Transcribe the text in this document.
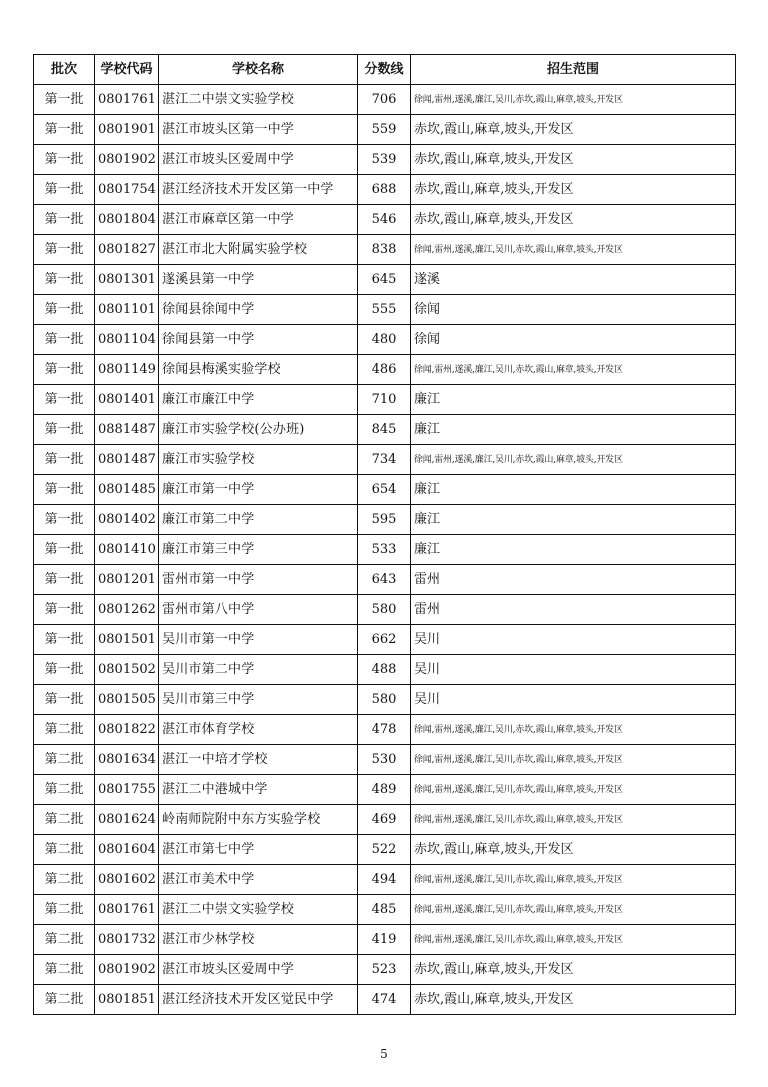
批次	学校代码	学校名称	分数线	招生范围
第一批	0801761	湛江二中崇文实验学校	706	徐闻,雷州,遂溪,廉江,吴川,赤坎,霞山,麻章,坡头,开发区
第一批	0801901	湛江市坡头区第一中学	559	赤坎,霞山,麻章,坡头,开发区
第一批	0801902	湛江市坡头区爱周中学	539	赤坎,霞山,麻章,坡头,开发区
第一批	0801754	湛江经济技术开发区第一中学	688	赤坎,霞山,麻章,坡头,开发区
第一批	0801804	湛江市麻章区第一中学	546	赤坎,霞山,麻章,坡头,开发区
第一批	0801827	湛江市北大附属实验学校	838	徐闻,雷州,遂溪,廉江,吴川,赤坎,霞山,麻章,坡头,开发区
第一批	0801301	遂溪县第一中学	645	遂溪
第一批	0801101	徐闻县徐闻中学	555	徐闻
第一批	0801104	徐闻县第一中学	480	徐闻
第一批	0801149	徐闻县梅溪实验学校	486	徐闻,雷州,遂溪,廉江,吴川,赤坎,霞山,麻章,坡头,开发区
第一批	0801401	廉江市廉江中学	710	廉江
第一批	0881487	廉江市实验学校(公办班)	845	廉江
第一批	0801487	廉江市实验学校	734	徐闻,雷州,遂溪,廉江,吴川,赤坎,霞山,麻章,坡头,开发区
第一批	0801485	廉江市第一中学	654	廉江
第一批	0801402	廉江市第二中学	595	廉江
第一批	0801410	廉江市第三中学	533	廉江
第一批	0801201	雷州市第一中学	643	雷州
第一批	0801262	雷州市第八中学	580	雷州
第一批	0801501	吴川市第一中学	662	吴川
第一批	0801502	吴川市第二中学	488	吴川
第一批	0801505	吴川市第三中学	580	吴川
第二批	0801822	湛江市体育学校	478	徐闻,雷州,遂溪,廉江,吴川,赤坎,霞山,麻章,坡头,开发区
第二批	0801634	湛江一中培才学校	530	徐闻,雷州,遂溪,廉江,吴川,赤坎,霞山,麻章,坡头,开发区
第二批	0801755	湛江二中港城中学	489	徐闻,雷州,遂溪,廉江,吴川,赤坎,霞山,麻章,坡头,开发区
第二批	0801624	岭南师院附中东方实验学校	469	徐闻,雷州,遂溪,廉江,吴川,赤坎,霞山,麻章,坡头,开发区
第二批	0801604	湛江市第七中学	522	赤坎,霞山,麻章,坡头,开发区
第二批	0801602	湛江市美术中学	494	徐闻,雷州,遂溪,廉江,吴川,赤坎,霞山,麻章,坡头,开发区
第二批	0801761	湛江二中崇文实验学校	485	徐闻,雷州,遂溪,廉江,吴川,赤坎,霞山,麻章,坡头,开发区
第二批	0801732	湛江市少林学校	419	徐闻,雷州,遂溪,廉江,吴川,赤坎,霞山,麻章,坡头,开发区
第二批	0801902	湛江市坡头区爱周中学	523	赤坎,霞山,麻章,坡头,开发区
第二批	0801851	湛江经济技术开发区觉民中学	474	赤坎,霞山,麻章,坡头,开发区
5
